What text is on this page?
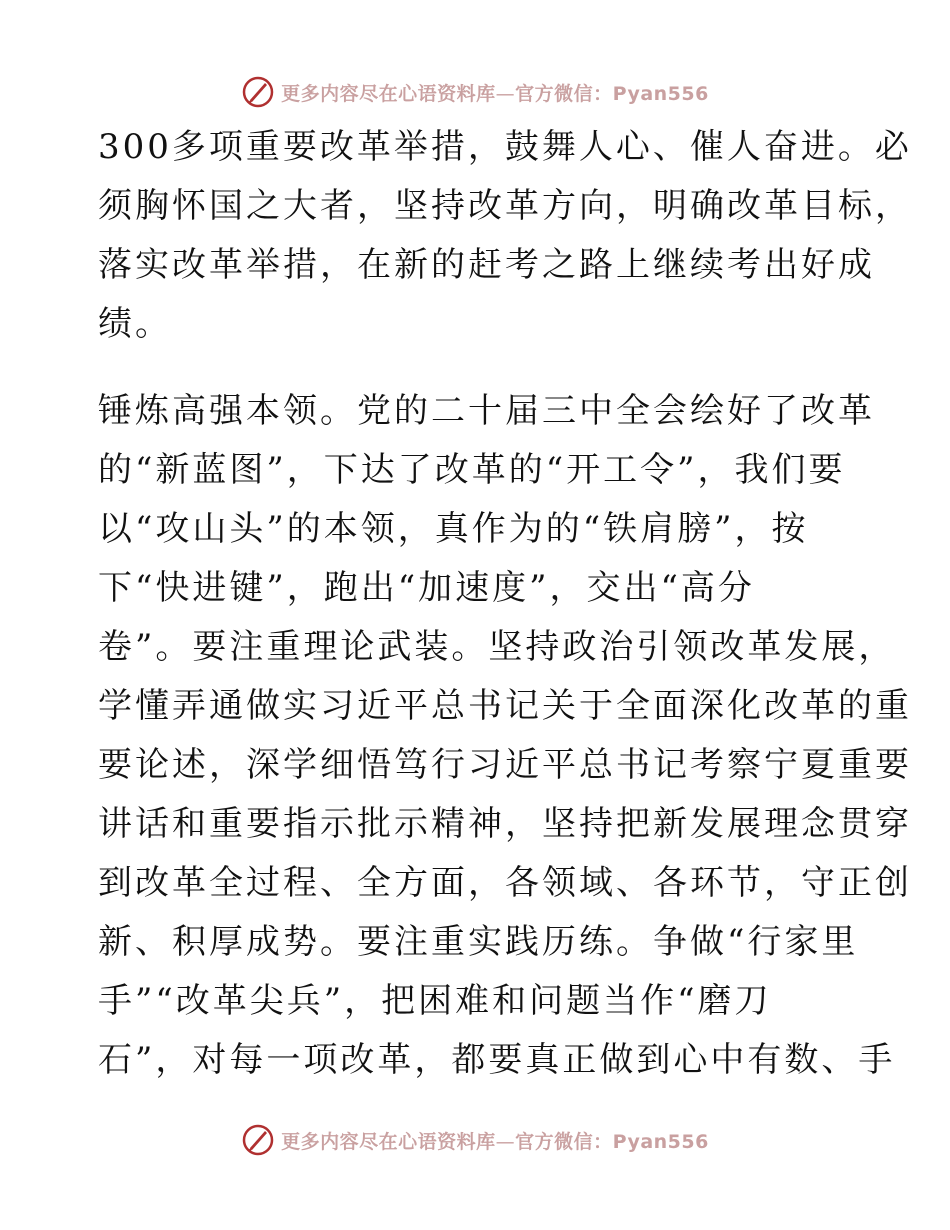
更多内容尽在心语资料库—官方微信：Pyan556
300多项重要改革举措，鼓舞人心、催人奋进。必
须胸怀国之大者，坚持改革方向，明确改革目标，
落实改革举措，在新的赶考之路上继续考出好成
绩。
锤炼高强本领。党的二十届三中全会绘好了改革
的“新蓝图”，下达了改革的“开工令”，我们要
以“攻山头”的本领，真作为的“铁肩膀”，按
下“快进键”，跑出“加速度”，交出“高分
卷”。要注重理论武装。坚持政治引领改革发展，
学懂弄通做实习近平总书记关于全面深化改革的重
要论述，深学细悟笃行习近平总书记考察宁夏重要
讲话和重要指示批示精神，坚持把新发展理念贯穿
到改革全过程、全方面，各领域、各环节，守正创
新、积厚成势。要注重实践历练。争做“行家里
手”“改革尖兵”，把困难和问题当作“磨刀
石”，对每一项改革，都要真正做到心中有数、手
更多内容尽在心语资料库—官方微信：Pyan556
